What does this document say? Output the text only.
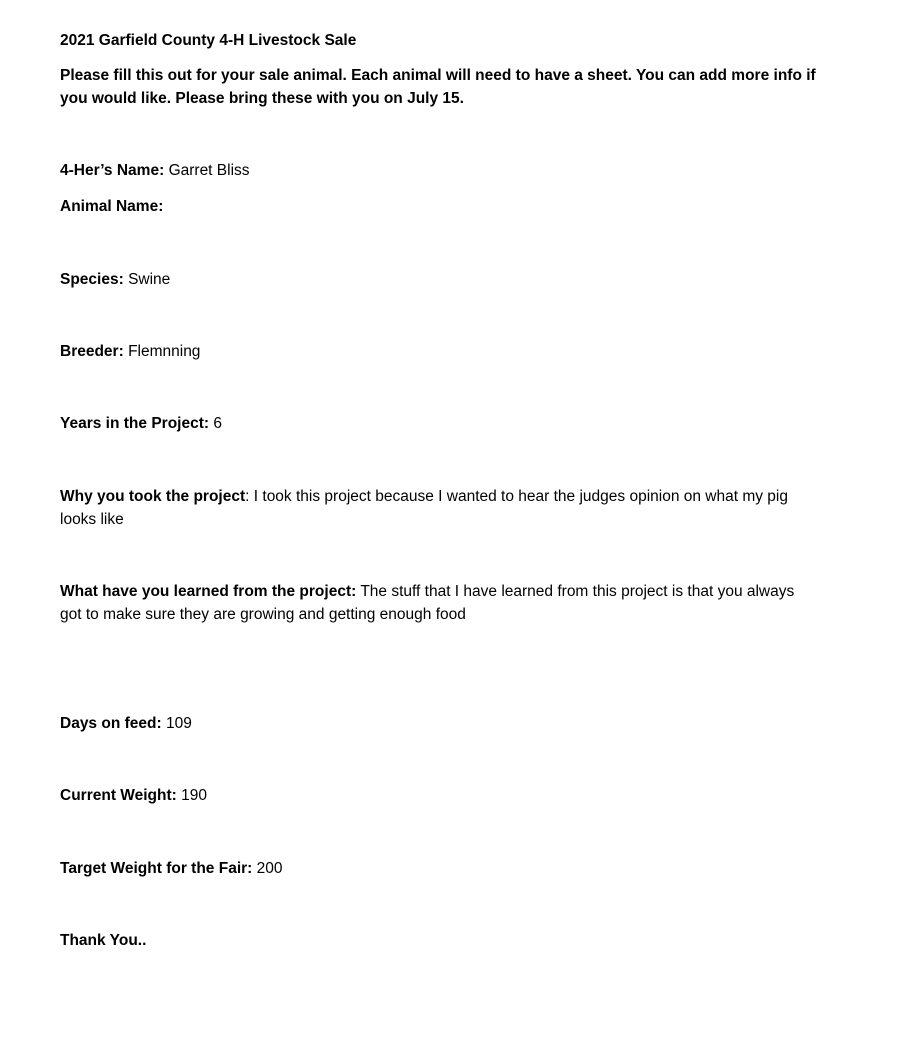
2021 Garfield County 4-H Livestock Sale
Please fill this out for your sale animal. Each animal will need to have a sheet. You can add more info if you would like. Please bring these with you on July 15.
4-Her’s Name: Garret Bliss
Animal Name:
Species: Swine
Breeder: Flemnning
Years in the Project: 6
Why you took the project: I took this project because I wanted to hear the judges opinion on what my pig looks like
What have you learned from the project: The stuff that I have learned from this project is that you always got to make sure they are growing and getting enough food
Days on feed: 109
Current Weight: 190
Target Weight for the Fair: 200
Thank You..
